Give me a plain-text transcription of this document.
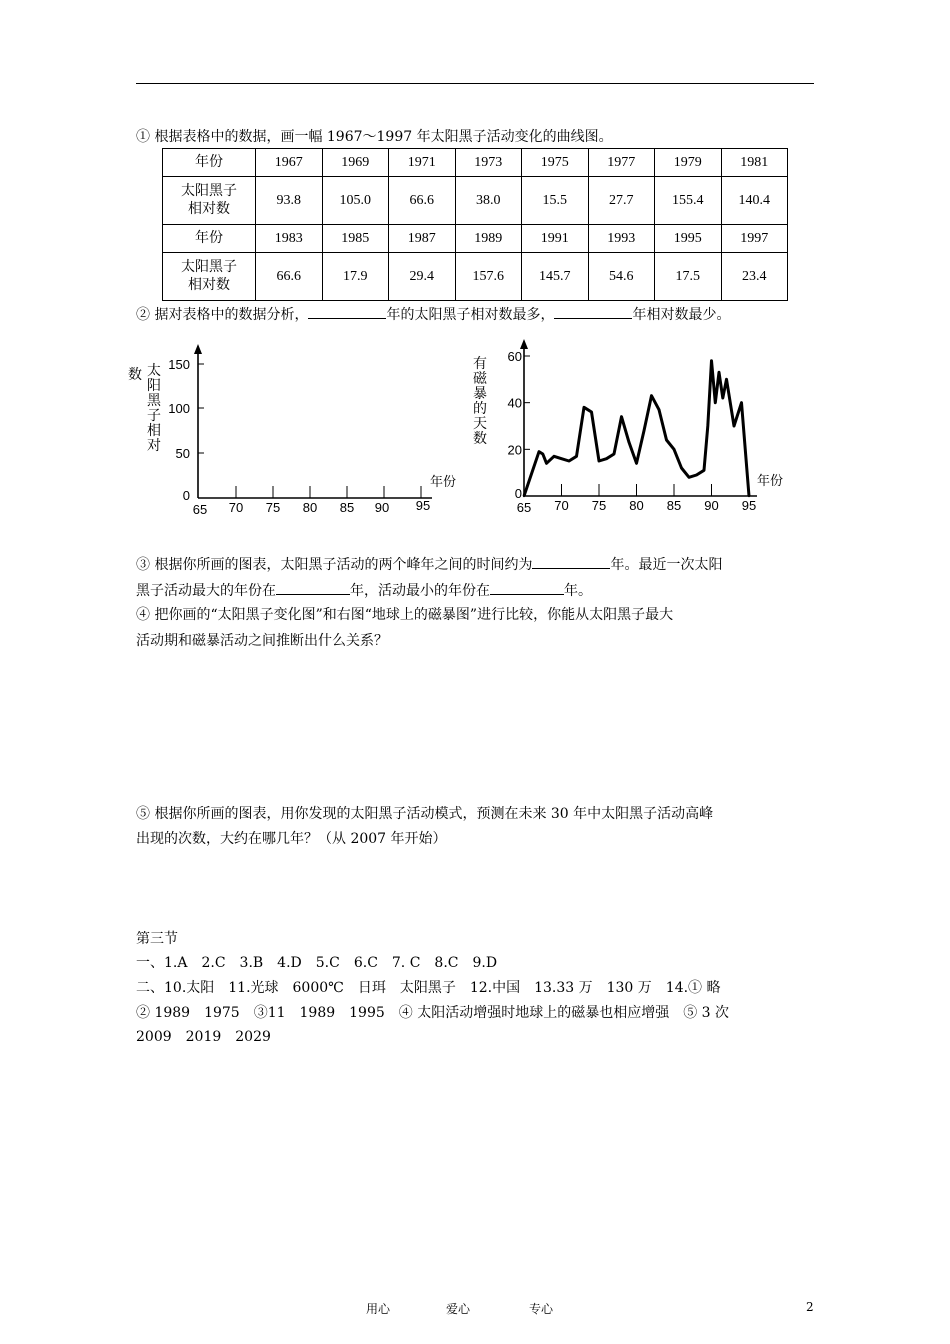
① 根据表格中的数据，画一幅 1967～1997 年太阳黑子活动变化的曲线图。
年份	1967	1969	1971	1973	1975	1977	1979	1981

太阳黑子
相对数	93.8	105.0	66.6	38.0	15.5	27.7	155.4	140.4
年份	1983	1985	1987	1989	1991	1993	1995	1997

太阳黑子
相对数	66.6	17.9	29.4	157.6	145.7	54.6	17.5	23.4
② 据对表格中的数据分析，	年的太阳黑子相对数最多，	年相对数最少。
数 太
阳
黑
子
相
对
150
100
50
0
65 70 75 80 85 90 95
年份
有
磁
暴
的
天
数
65 70 75 80 85 90 95
60
40
20
0
年份
③ 根据你所画的图表，太阳黑子活动的两个峰年之间的时间约为	年。最近一次太阳
黑子活动最大的年份在	年，活动最小的年份在	年。
④ 把你画的“太阳黑子变化图”和右图“地球上的磁暴图”进行比较，你能从太阳黑子最大
活动期和磁暴活动之间推断出什么关系？
⑤ 根据你所画的图表，用你发现的太阳黑子活动模式，预测在未来 30 年中太阳黑子活动高峰
出现的次数，大约在哪几年？（从 2007 年开始）
第三节
一、1.A　2.C　3.B　4.D　5.C　6.C　7. C　8.C　9.D
二、10.太阳　11.光球　6000℃　日珥　太阳黑子　12.中国　13.33 万　130 万　14.① 略
② 1989　1975　③11　1989　1995　④ 太阳活动增强时地球上的磁暴也相应增强　⑤ 3 次
2009　2019　2029
用心	爱心	专心	2
